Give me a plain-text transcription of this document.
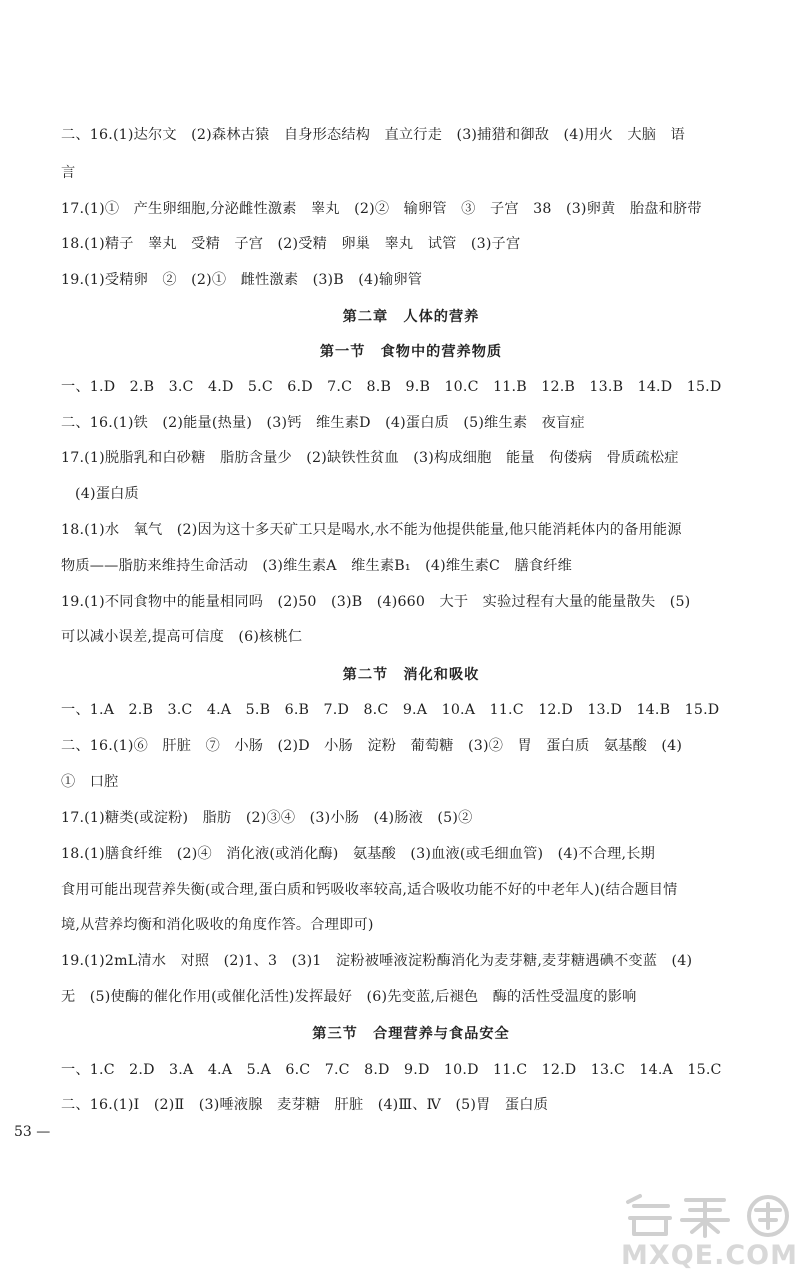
二、16.(1)达尔文　(2)森林古猿　自身形态结构　直立行走　(3)捕猎和御敌　(4)用火　大脑　语
言
17.(1)①　产生卵细胞,分泌雌性激素　睾丸　(2)②　输卵管　③　子宫　38　(3)卵黄　胎盘和脐带
18.(1)精子　睾丸　受精　子宫　(2)受精　卵巢　睾丸　试管　(3)子宫
19.(1)受精卵　②　(2)①　雌性激素　(3)B　(4)输卵管
第二章　人体的营养
第一节　食物中的营养物质
一、1.D　2.B　3.C　4.D　5.C　6.D　7.C　8.B　9.B　10.C　11.B　12.B　13.B　14.D　15.D
二、16.(1)铁　(2)能量(热量)　(3)钙　维生素D　(4)蛋白质　(5)维生素　夜盲症
17.(1)脱脂乳和白砂糖　脂肪含量少　(2)缺铁性贫血　(3)构成细胞　能量　佝偻病　骨质疏松症
(4)蛋白质
18.(1)水　氧气　(2)因为这十多天矿工只是喝水,水不能为他提供能量,他只能消耗体内的备用能源
物质——脂肪来维持生命活动　(3)维生素A　维生素B₁　(4)维生素C　膳食纤维
19.(1)不同食物中的能量相同吗　(2)50　(3)B　(4)660　大于　实验过程有大量的能量散失　(5)
可以减小误差,提高可信度　(6)核桃仁
第二节　消化和吸收
一、1.A　2.B　3.C　4.A　5.B　6.B　7.D　8.C　9.A　10.A　11.C　12.D　13.D　14.B　15.D
二、16.(1)⑥　肝脏　⑦　小肠　(2)D　小肠　淀粉　葡萄糖　(3)②　胃　蛋白质　氨基酸　(4)
①　口腔
17.(1)糖类(或淀粉)　脂肪　(2)③④　(3)小肠　(4)肠液　(5)②
18.(1)膳食纤维　(2)④　消化液(或消化酶)　氨基酸　(3)血液(或毛细血管)　(4)不合理,长期
食用可能出现营养失衡(或合理,蛋白质和钙吸收率较高,适合吸收功能不好的中老年人)(结合题目情
境,从营养均衡和消化吸收的角度作答。合理即可)
19.(1)2mL清水　对照　(2)1、3　(3)1　淀粉被唾液淀粉酶消化为麦芽糖,麦芽糖遇碘不变蓝　(4)
无　(5)使酶的催化作用(或催化活性)发挥最好　(6)先变蓝,后褪色　酶的活性受温度的影响
第三节　合理营养与食品安全
一、1.C　2.D　3.A　4.A　5.A　6.C　7.C　8.D　9.D　10.D　11.C　12.D　13.C　14.A　15.C
二、16.(1)Ⅰ　(2)Ⅱ　(3)唾液腺　麦芽糖　肝脏　(4)Ⅲ、Ⅳ　(5)胃　蛋白质
53 —
MXQE.COM
